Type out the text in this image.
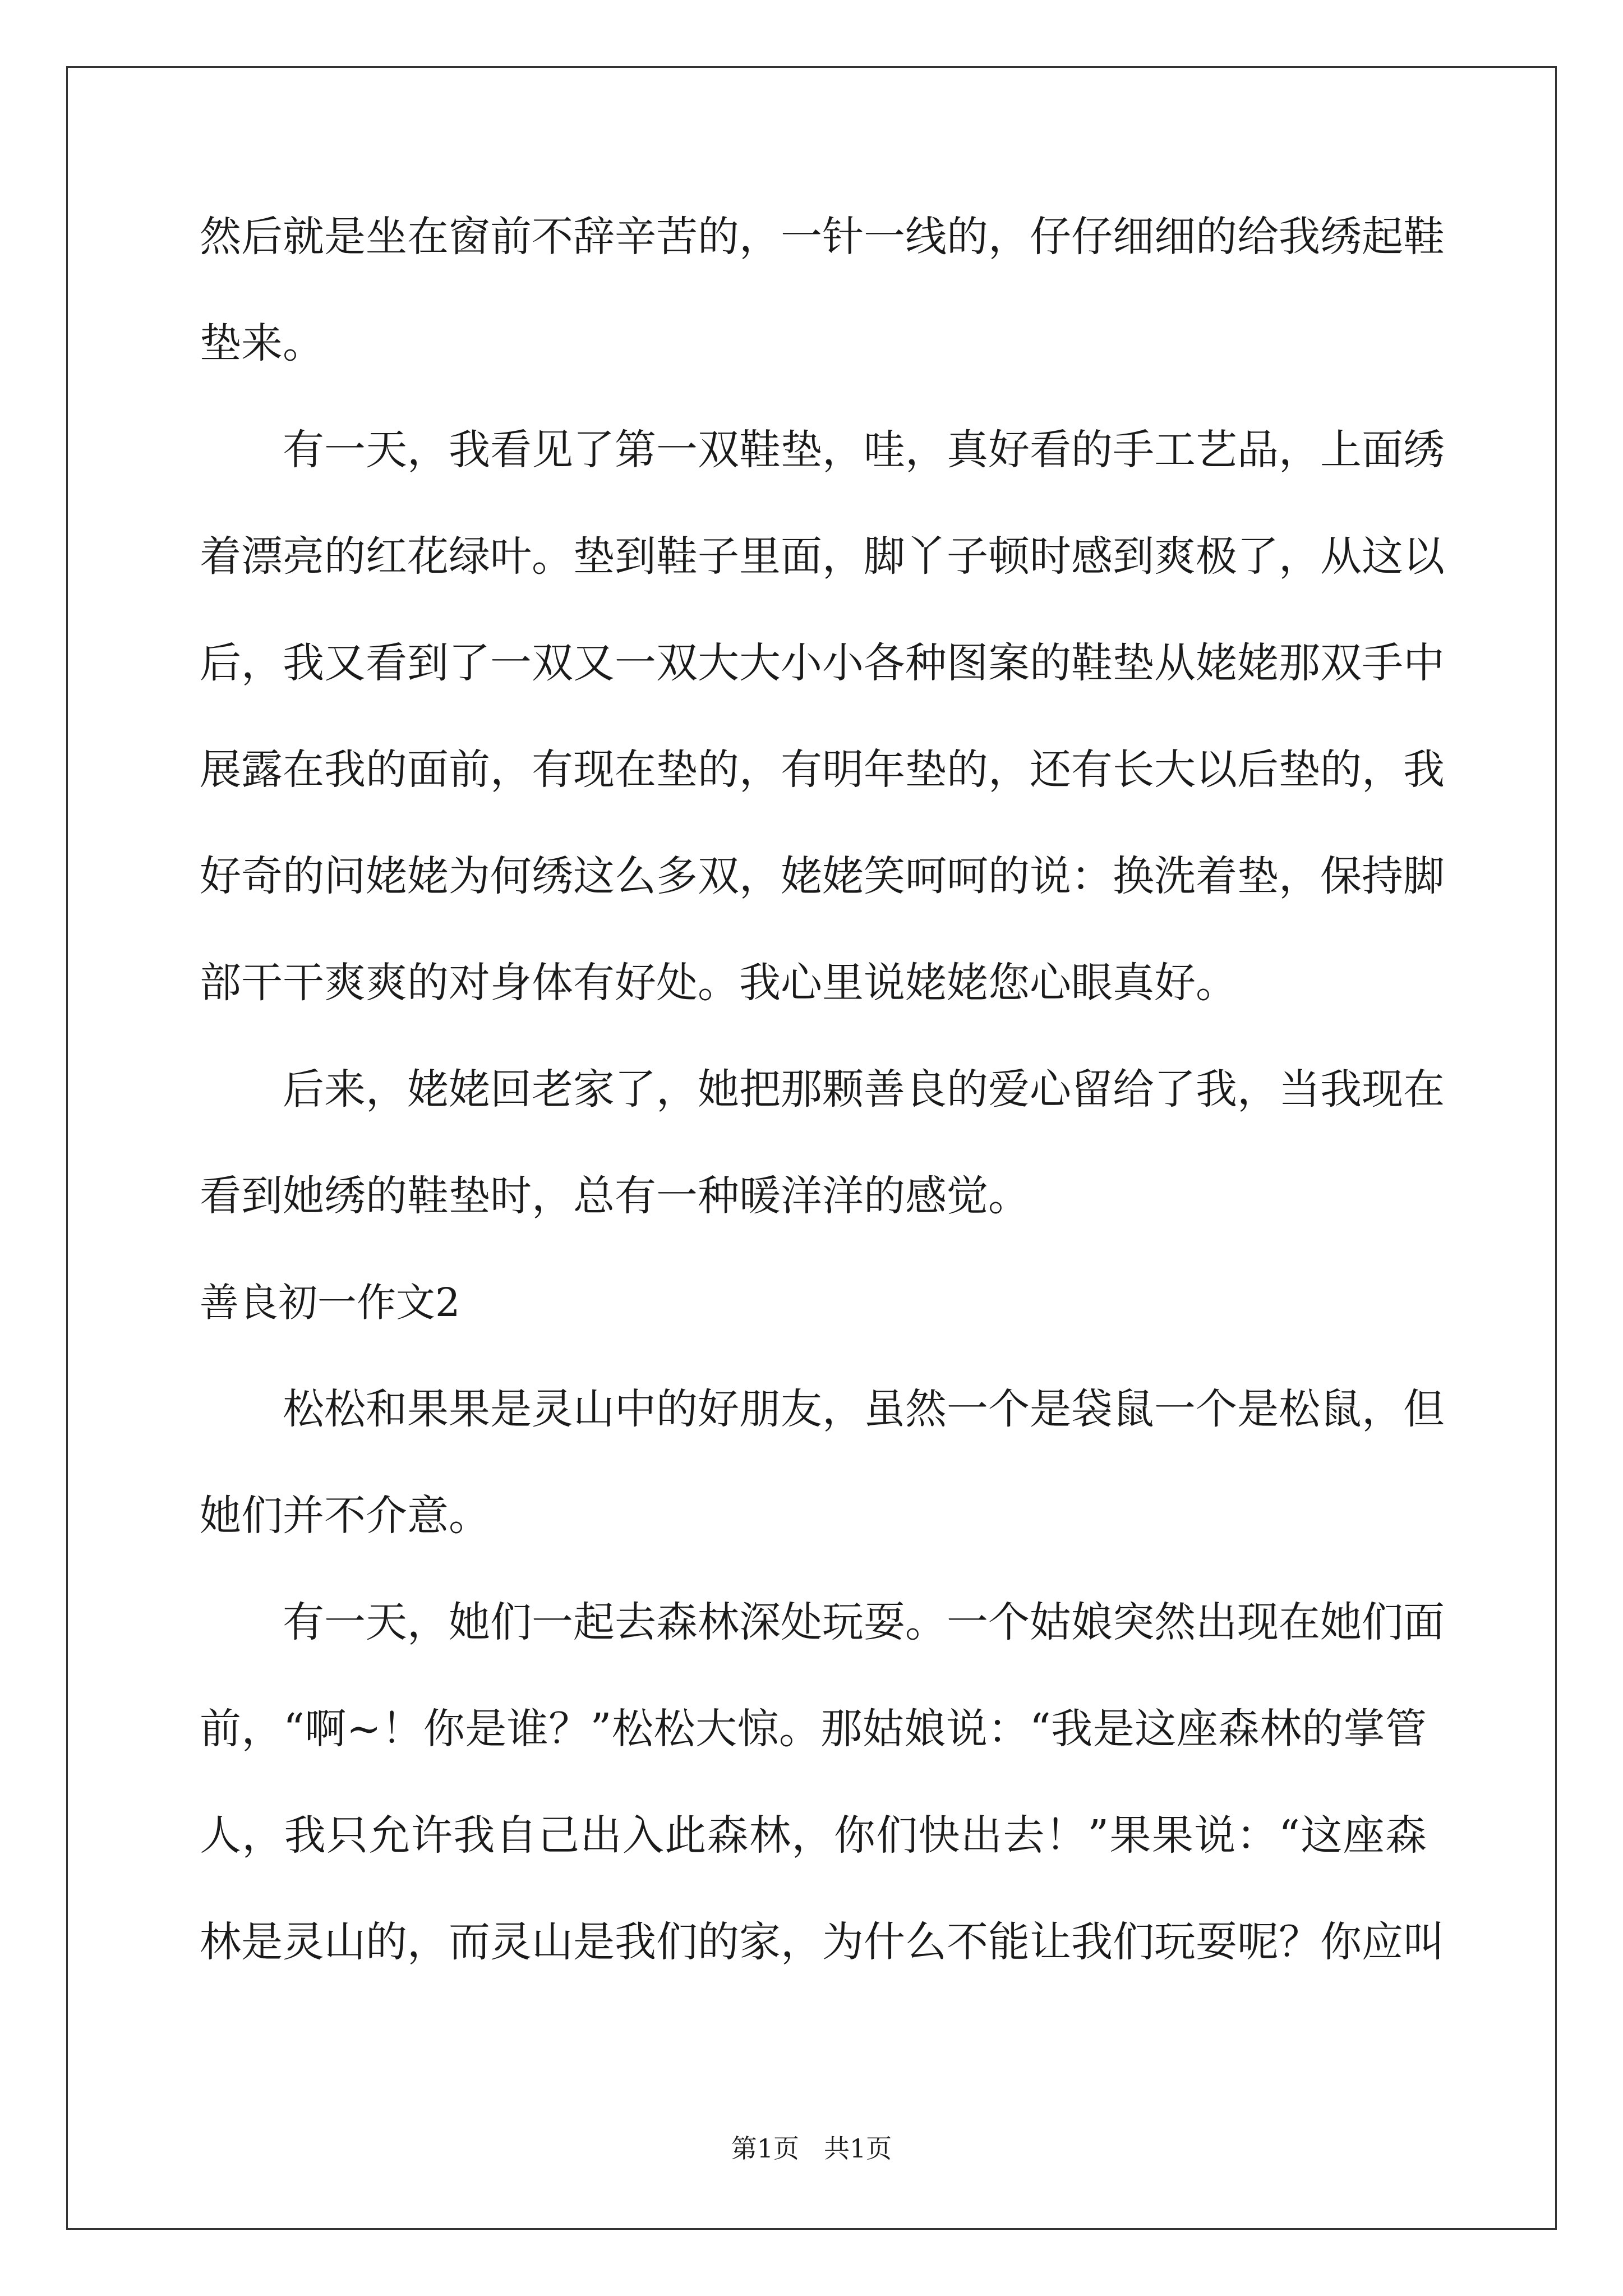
然后就是坐在窗前不辞辛苦的，一针一线的，仔仔细细的给我绣起鞋
垫来。
有一天，我看见了第一双鞋垫，哇，真好看的手工艺品，上面绣
着漂亮的红花绿叶。垫到鞋子里面，脚丫子顿时感到爽极了，从这以
后，我又看到了一双又一双大大小小各种图案的鞋垫从姥姥那双手中
展露在我的面前，有现在垫的，有明年垫的，还有长大以后垫的，我
好奇的问姥姥为何绣这么多双，姥姥笑呵呵的说：换洗着垫，保持脚
部干干爽爽的对身体有好处。我心里说姥姥您心眼真好。
后来，姥姥回老家了，她把那颗善良的爱心留给了我，当我现在
看到她绣的鞋垫时，总有一种暖洋洋的感觉。
善良初一作文2
松松和果果是灵山中的好朋友，虽然一个是袋鼠一个是松鼠，但
她们并不介意。
有一天，她们一起去森林深处玩耍。一个姑娘突然出现在她们面
前，“啊~！你是谁？”松松大惊。那姑娘说：“我是这座森林的掌管
人，我只允许我自己出入此森林，你们快出去！”果果说：“这座森
林是灵山的，而灵山是我们的家，为什么不能让我们玩耍呢？你应叫
第1页 共1页
